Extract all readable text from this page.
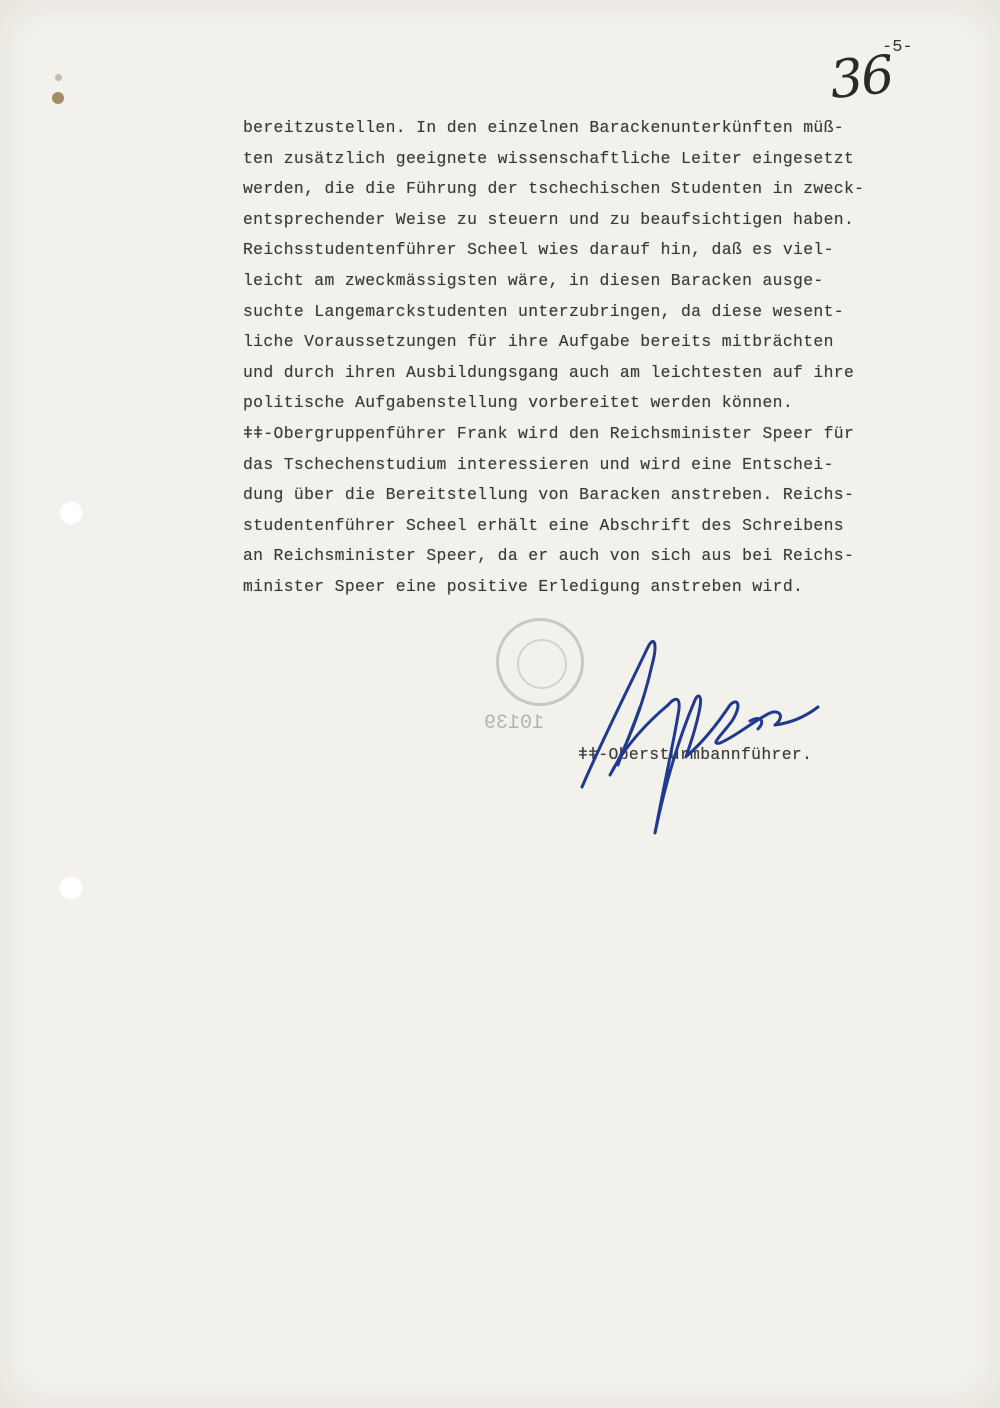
36
-5-
bereitzustellen. In den einzelnen Barackenunterkünften müß-
ten zusätzlich geeignete wissenschaftliche Leiter eingesetzt
werden, die die Führung der tschechischen Studenten in zweck-
entsprechender Weise zu steuern und zu beaufsichtigen haben.
Reichsstudentenführer Scheel wies darauf hin, daß es viel-
leicht am zweckmässigsten wäre, in diesen Baracken ausge-
suchte Langemarckstudenten unterzubringen, da diese wesent-
liche Voraussetzungen für ihre Aufgabe bereits mitbrächten
und durch ihren Ausbildungsgang auch am leichtesten auf ihre
politische Aufgabenstellung vorbereitet werden können.
ǂǂ-Obergruppenführer Frank wird den Reichsminister Speer für
das Tschechenstudium interessieren und wird eine Entschei-
dung über die Bereitstellung von Baracken anstreben. Reichs-
studentenführer Scheel erhält eine Abschrift des Schreibens
an Reichsminister Speer, da er auch von sich aus bei Reichs-
minister Speer eine positive Erledigung anstreben wird.
10139
ǂǂ-Obersturmbannführer.
